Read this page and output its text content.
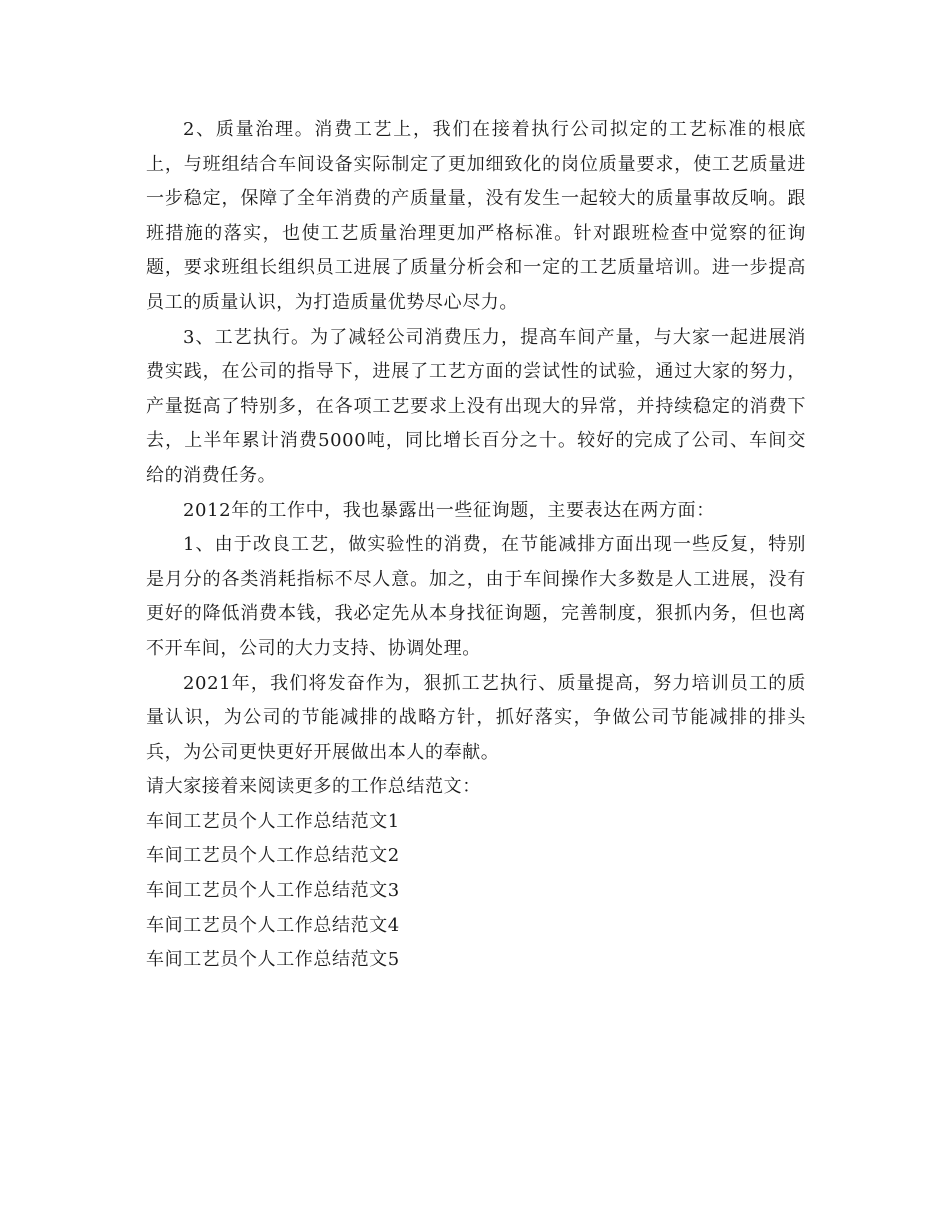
2、质量治理。消费工艺上，我们在接着执行公司拟定的工艺标准的根底上，与班组结合车间设备实际制定了更加细致化的岗位质量要求，使工艺质量进一步稳定，保障了全年消费的产质量量，没有发生一起较大的质量事故反响。跟班措施的落实，也使工艺质量治理更加严格标准。针对跟班检查中觉察的征询题，要求班组长组织员工进展了质量分析会和一定的工艺质量培训。进一步提高员工的质量认识，为打造质量优势尽心尽力。

3、工艺执行。为了减轻公司消费压力，提高车间产量，与大家一起进展消费实践，在公司的指导下，进展了工艺方面的尝试性的试验，通过大家的努力，产量挺高了特别多，在各项工艺要求上没有出现大的异常，并持续稳定的消费下去，上半年累计消费5000吨，同比增长百分之十。较好的完成了公司、车间交给的消费任务。

2012年的工作中，我也暴露出一些征询题，主要表达在两方面：

1、由于改良工艺，做实验性的消费，在节能减排方面出现一些反复，特别是月分的各类消耗指标不尽人意。加之，由于车间操作大多数是人工进展，没有更好的降低消费本钱，我必定先从本身找征询题，完善制度，狠抓内务，但也离不开车间，公司的大力支持、协调处理。

2021年，我们将发奋作为，狠抓工艺执行、质量提高，努力培训员工的质量认识，为公司的节能减排的战略方针，抓好落实，争做公司节能减排的排头兵，为公司更快更好开展做出本人的奉献。

请大家接着来阅读更多的工作总结范文：

车间工艺员个人工作总结范文1
车间工艺员个人工作总结范文2
车间工艺员个人工作总结范文3
车间工艺员个人工作总结范文4
车间工艺员个人工作总结范文5
